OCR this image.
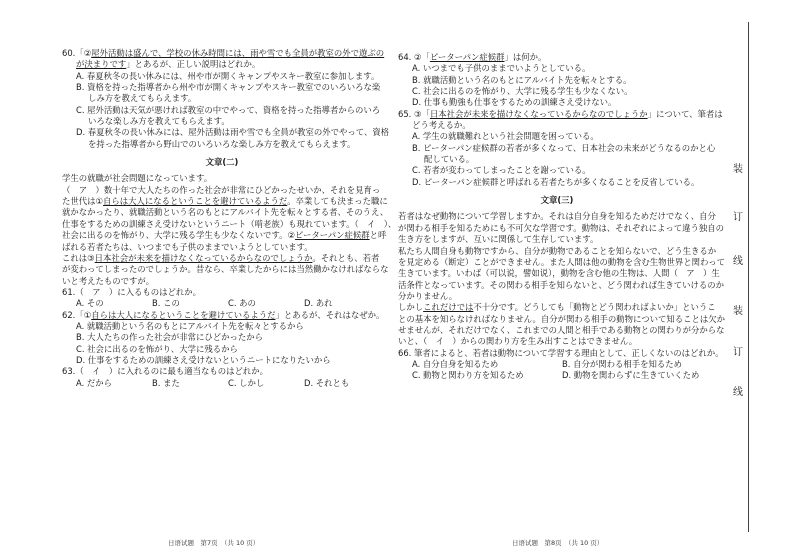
60.「②屋外活動は盛んで、学校の休み時間には、雨や雪でも全員が教室の外で遊ぶの
が決まりです」とあるが、正しい説明はどれか。
A. 春夏秋冬の長い休みには、州や市が開くキャンプやスキー教室に参加します。
B. 資格を持った指導者から州や市が開くキャンプやスキー教室でのいろいろな楽
しみ方を教えてもらえます。
C. 屋外活動は天気が悪ければ教室の中でやって、資格を持った指導者からのいろ
いろな楽しみ方を教えてもらえます。
D. 春夏秋冬の長い休みには、屋外活動は雨や雪でも全員が教室の外でやって、資格
を持った指導者から野山でのいろいろな楽しみ方を教えてもらえます。
文章(二)
学生の就職が社会問題になっています。
（　ア　）数十年で大人たちの作った社会が非常にひどかったせいか、それを見育っ
た世代は①自らは大人になるということを避けているようだ。卒業しても決まった職に
就かなかったり、就職活動という名のもとにアルバイト先を転々とする者、そのうえ、
仕事をするための訓練さえ受けないというニート（啃老族）も現れています。（　イ　）、
社会に出るのを怖がり、大学に残る学生も少なくないです。②ピーターパン症候群と呼
ばれる若者たちは、いつまでも子供のままでいようとしています。
これは③日本社会が未来を描けなくなっているからなのでしょうか。それとも、若者
が変わってしまったのでしょうか。昔なら、卒業したからには当然働かなければならな
いと考えたものですが。
61.（　ア　）に入るものはどれか。
A. その	B. この	C. あの	D. あれ
62.「①自らは大人になるということを避けているようだ」とあるが、それはなぜか。
A. 就職活動という名のもとにアルバイト先を転々とするから
B. 大人たちの作った社会が非常にひどかったから
C. 社会に出るのを怖がり、大学に残るから
D. 仕事をするための訓練さえ受けないというニートになりたいから
63.（　イ　）に入れるのに最も適当なものはどれか。
A. だから	B. また	C. しかし	D. それとも
日语试题　第7页　（共 10 页）
64. ②「ピーターパン症候群」は何か。
A. いつまでも子供のままでいようとしている。
B. 就職活動という名のもとにアルバイト先を転々とする。
C. 社会に出るのを怖がり、大学に残る学生も少なくない。
D. 仕事も勤強も仕事をするための訓練さえ受けない。
65. ③「日本社会が未来を描けなくなっているからなのでしょうか」について、筆者は
どう考えるか。
A. 学生の就職難れという社会問題を困っている。
B. ピーターパン症候群の若者が多くなって、日本社会の未来がどうなるのかと心
配している。
C. 若者が変わってしまったことを謝っている。
D. ピーターパン症候群と呼ばれる若者たちが多くなることを反省している。
文章(三)
若者はなぜ動物について学習しますか。それは自分自身を知るためだけでなく、自分
が関わる相手を知るためにも不可欠な学習です。動物は、それぞれによって違う独自の
生き方をしますが、互いに関係して生存しています。
私たち人間自身も動物ですから、自分が動物であることを知らないで、どう生きるか
を見定める（断定）ことができません。また人間は他の動物を含む生物世界と関わって
生きています。いわば（可以说，譬如说），動物を含む他の生物は、人間（　ア　）生
活条件となっています。その関わる相手を知らないと、どう関われば生きていけるのか
分かりません。
しかしこれだけでは不十分です。どうしても「動物とどう関わればよいか」というこ
との基本を知らなければなりません。自分が関わる相手の動物について知ることは欠か
せませんが、それだけでなく、これまでの人間と相手である動物との関わりが分からな
いと、（　イ　）からの関わり方を生み出すことはできません。
66. 筆者によると、若者は動物について学習する理由として、正しくないのはどれか。
A. 自分自身を知るため	B. 自分が関わる相手を知るため
C. 動物と関わり方を知るため	D. 動物を関わらずに生きていくため
日语试题　第8页　（共 10 页）
装
订
线
装
订
线
